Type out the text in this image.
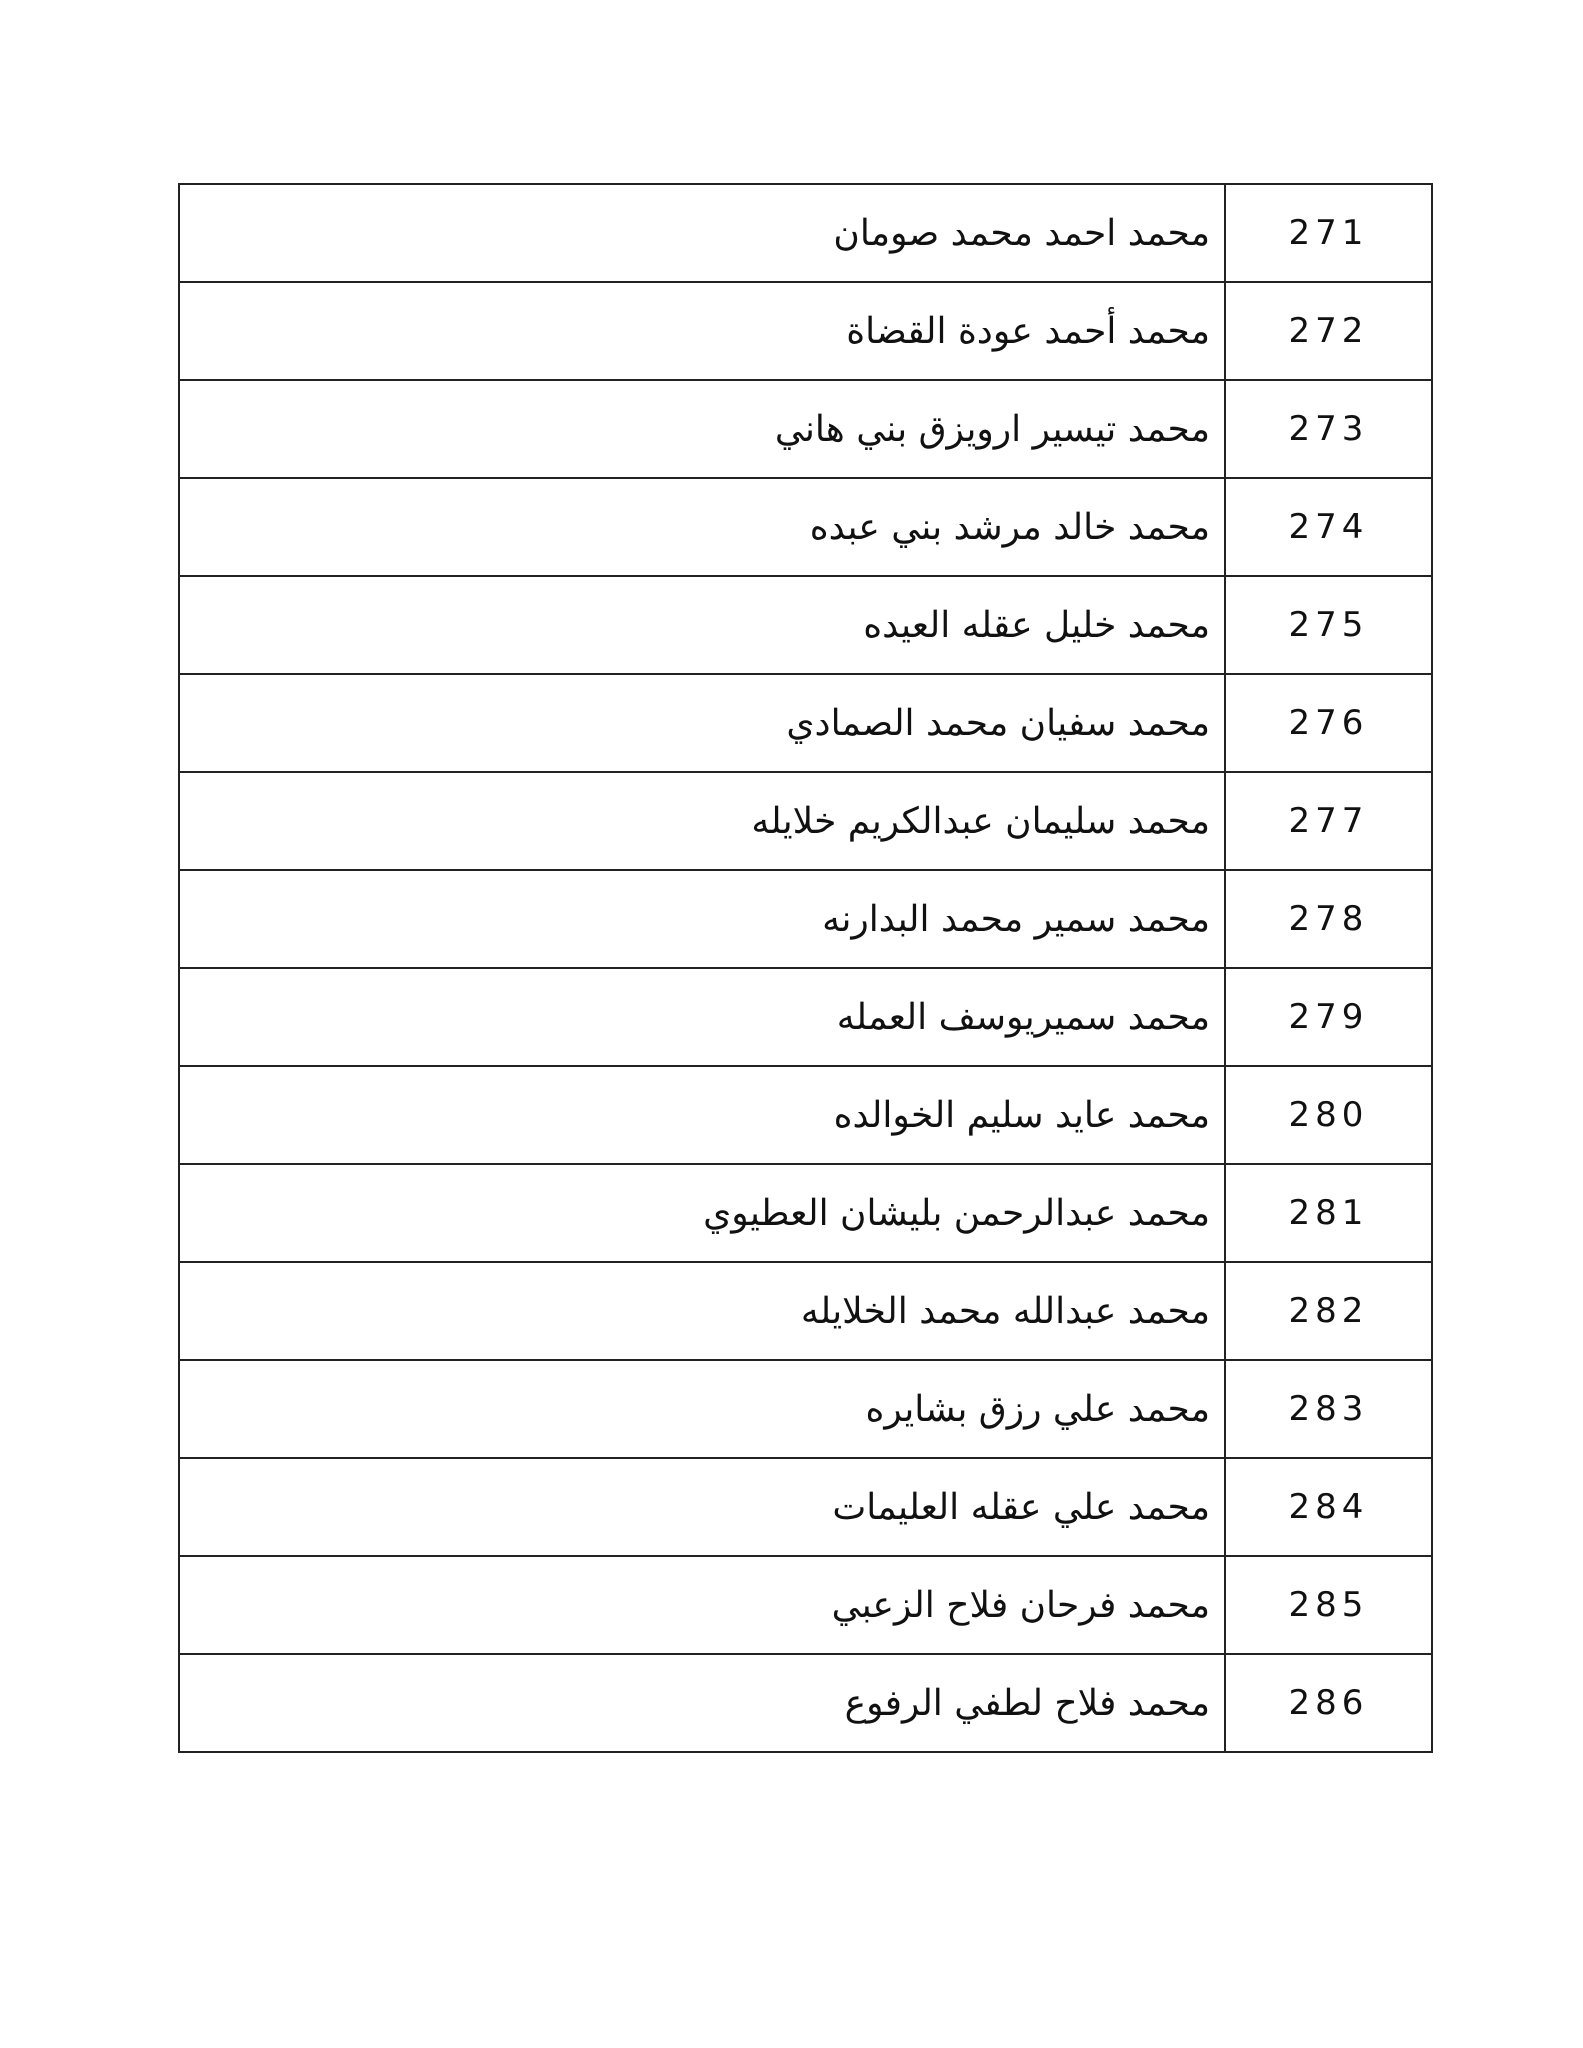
محمد احمد محمد صومان	271
محمد أحمد عودة القضاة	272
محمد تيسير ارويزق بني هاني	273
محمد خالد مرشد بني عبده	274
محمد خليل عقله العيده	275
محمد سفيان محمد الصمادي	276
محمد سليمان عبدالكريم خلايله	277
محمد سمير محمد البدارنه	278
محمد سميريوسف العمله	279
محمد عايد سليم الخوالده	280
محمد عبدالرحمن بليشان العطيوي	281
محمد عبدالله محمد الخلايله	282
محمد علي رزق بشايره	283
محمد علي عقله العليمات	284
محمد فرحان فلاح الزعبي	285
محمد فلاح لطفي الرفوع	286
